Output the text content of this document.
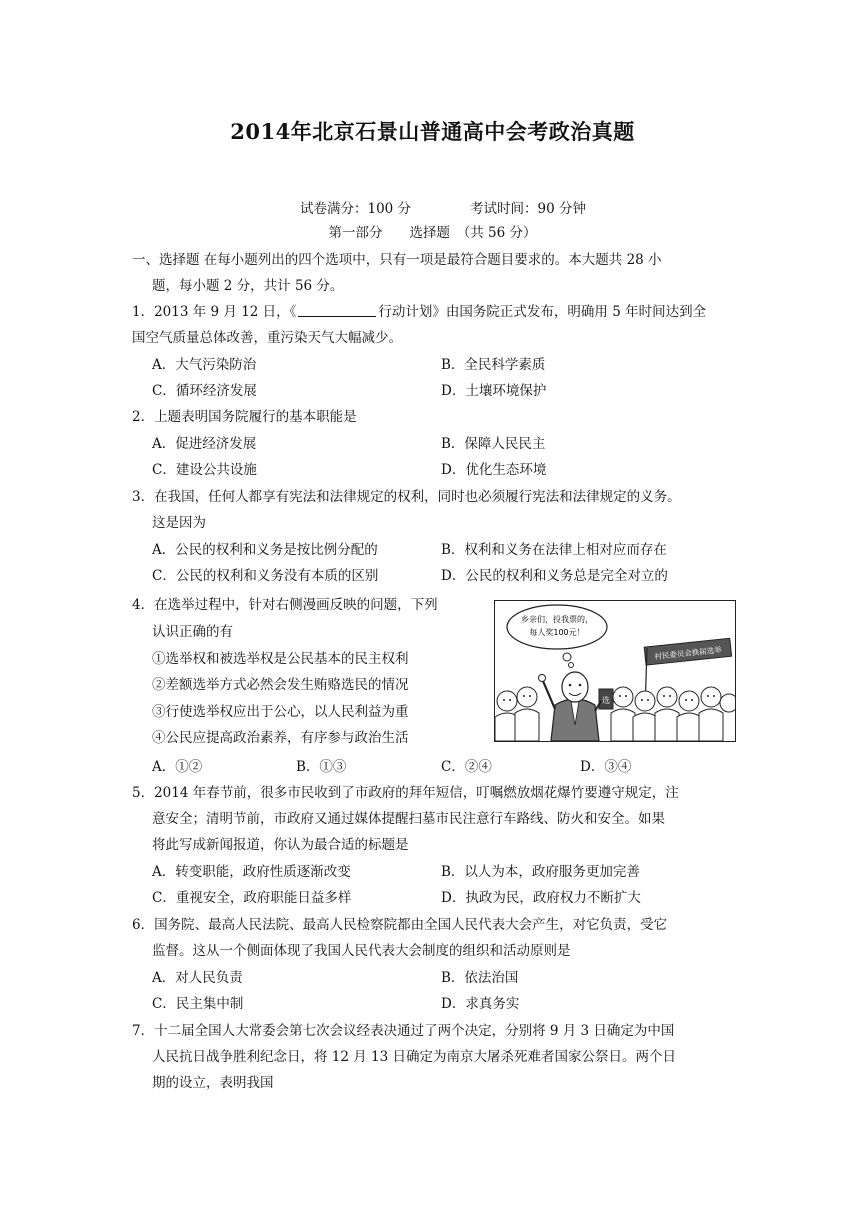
2014年北京石景山普通高中会考政治真题
试卷满分：100 分	考试时间：90 分钟
第一部分　　选择题　（共 56 分）
一、选择题 在每小题列出的四个选项中，只有一项是最符合题目要求的。本大题共 28 小
题，每小题 2 分，共计 56 分。
1．2013 年 9 月 12 日，《	行动计划》由国务院正式发布，明确用 5 年时间达到全
国空气质量总体改善，重污染天气大幅减少。
A．大气污染防治	B．全民科学素质
C．循环经济发展	D．土壤环境保护
2．上题表明国务院履行的基本职能是
A．促进经济发展	B．保障人民民主
C．建设公共设施	D．优化生态环境
3．在我国，任何人都享有宪法和法律规定的权利，同时也必须履行宪法和法律规定的义务。
这是因为
A．公民的权利和义务是按比例分配的	B．权利和义务在法律上相对应而存在
C．公民的权利和义务没有本质的区别	D．公民的权利和义务总是完全对立的
4．在选举过程中，针对右侧漫画反映的问题，下列
认识正确的有
①选举权和被选举权是公民基本的民主权利
②差额选举方式必然会发生贿赂选民的情况
③行使选举权应出于公心，以人民利益为重
④公民应提高政治素养，有序参与政治生活
A．①②	B．①③	C．②④	D．③④
乡亲们，投我票的，
每人奖100元！
村民委员会换届选举
选
5．2014 年春节前，很多市民收到了市政府的拜年短信，叮嘱燃放烟花爆竹要遵守规定，注
意安全；清明节前，市政府又通过媒体提醒扫墓市民注意行车路线、防火和安全。如果
将此写成新闻报道，你认为最合适的标题是
A．转变职能，政府性质逐渐改变	B．以人为本，政府服务更加完善
C．重视安全，政府职能日益多样	D．执政为民，政府权力不断扩大
6．国务院、最高人民法院、最高人民检察院都由全国人民代表大会产生，对它负责，受它
监督。这从一个侧面体现了我国人民代表大会制度的组织和活动原则是
A．对人民负责	B．依法治国
C．民主集中制	D．求真务实
7．十二届全国人大常委会第七次会议经表决通过了两个决定，分别将 9 月 3 日确定为中国
人民抗日战争胜利纪念日，将 12 月 13 日确定为南京大屠杀死难者国家公祭日。两个日
期的设立，表明我国
